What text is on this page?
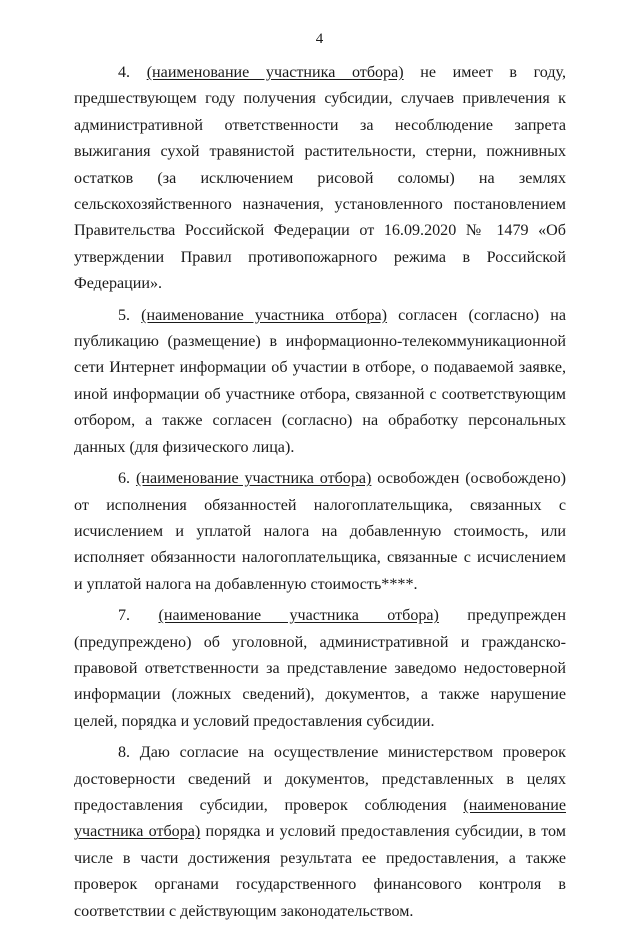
4

4. (наименование участника отбора) не имеет в году, предшествующем году получения субсидии, случаев привлечения к административной ответственности за несоблюдение запрета выжигания сухой травянистой растительности, стерни, пожнивных остатков (за исключением рисовой соломы) на землях сельскохозяйственного назначения, установленного постановлением Правительства Российской Федерации от 16.09.2020 № 1479 «Об утверждении Правил противопожарного режима в Российской Федерации».

5. (наименование участника отбора) согласен (согласно) на публикацию (размещение) в информационно-телекоммуникационной сети Интернет информации об участии в отборе, о подаваемой заявке, иной информации об участнике отбора, связанной с соответствующим отбором, а также согласен (согласно) на обработку персональных данных (для физического лица).

6. (наименование участника отбора) освобожден (освобождено) от исполнения обязанностей налогоплательщика, связанных с исчислением и уплатой налога на добавленную стоимость, или исполняет обязанности налогоплательщика, связанные с исчислением и уплатой налога на добавленную стоимость****.

7. (наименование участника отбора) предупрежден (предупреждено) об уголовной, административной и гражданско-правовой ответственности за представление заведомо недостоверной информации (ложных сведений), документов, а также нарушение целей, порядка и условий предоставления субсидии.

8. Даю согласие на осуществление министерством проверок достоверности сведений и документов, представленных в целях предоставления субсидии, проверок соблюдения (наименование участника отбора) порядка и условий предоставления субсидии, в том числе в части достижения результата ее предоставления, а также проверок органами государственного финансового контроля в соответствии с действующим законодательством.
